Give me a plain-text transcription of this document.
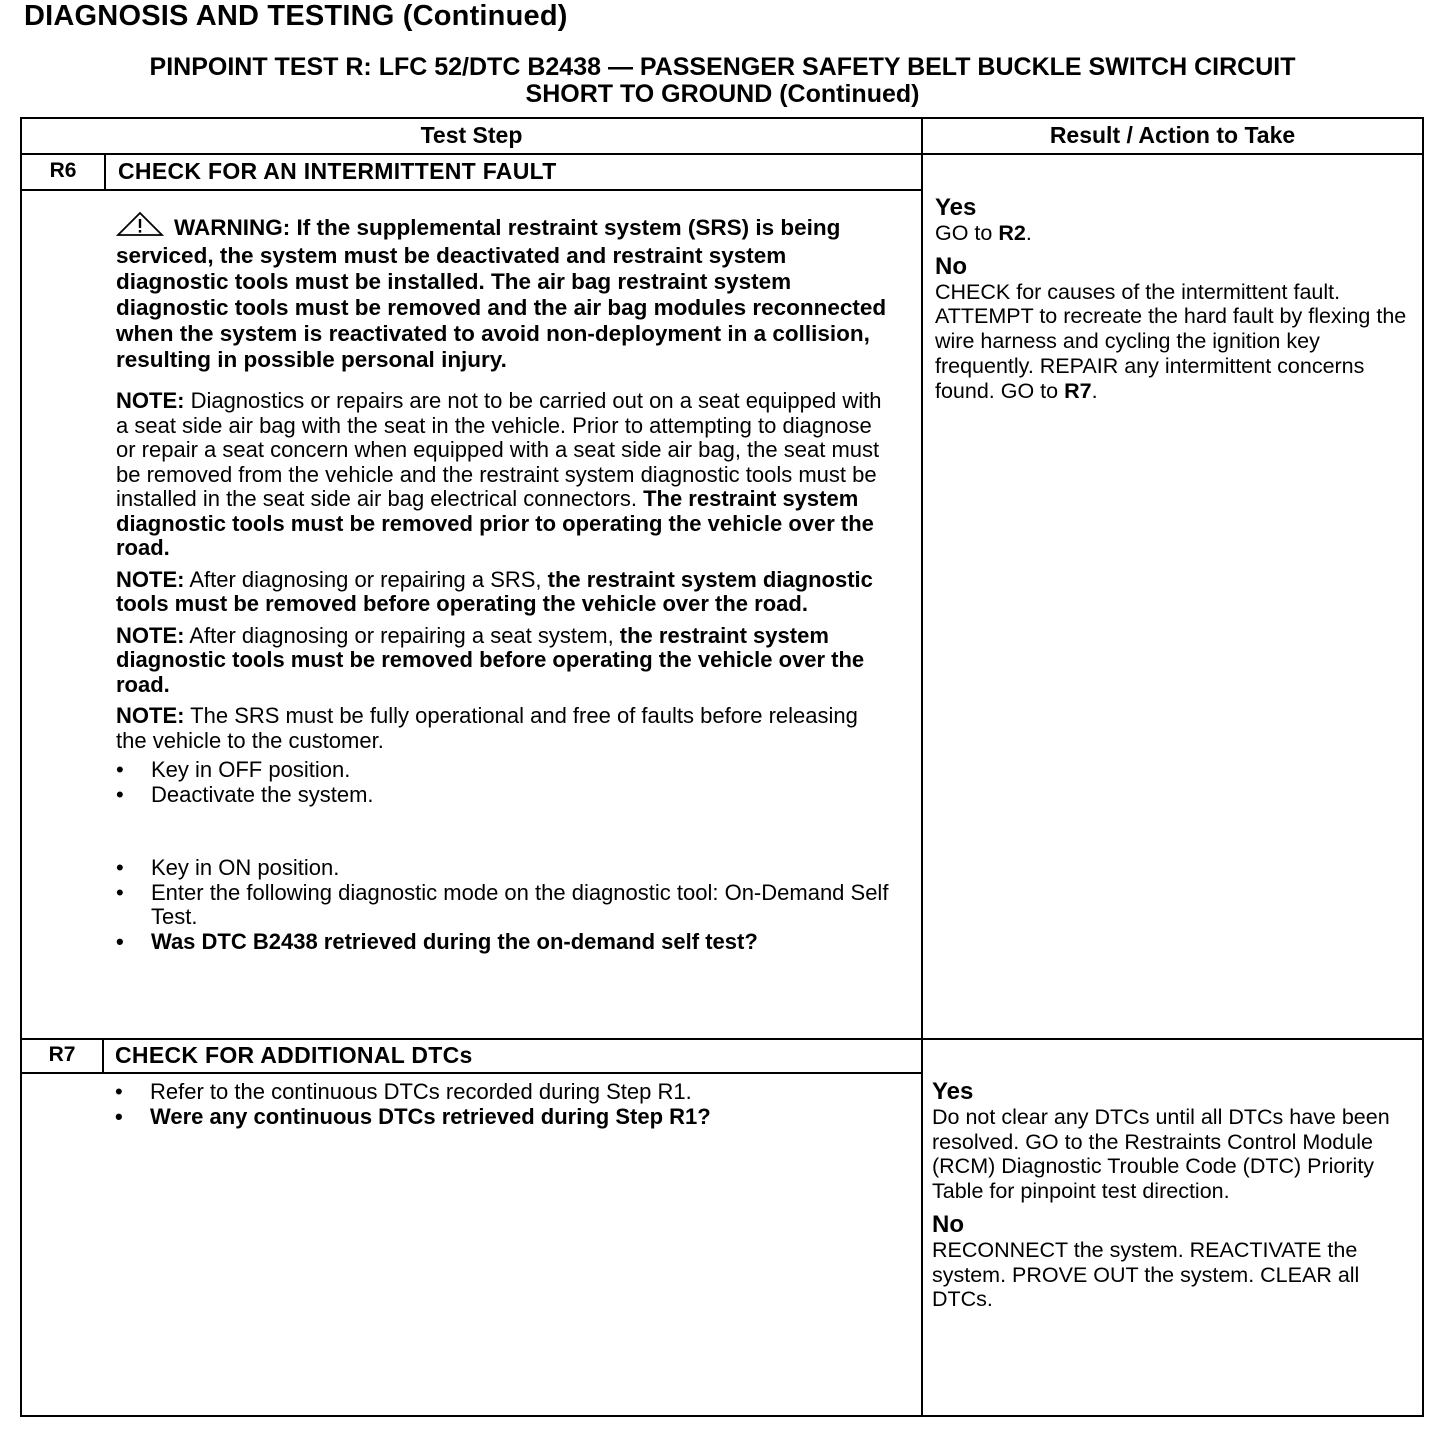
DIAGNOSIS AND TESTING (Continued)
PINPOINT TEST R: LFC 52/DTC B2438 — PASSENGER SAFETY BELT BUCKLE SWITCH CIRCUIT
SHORT TO GROUND (Continued)
Test Step	Result / Action to Take
R6	CHECK FOR AN INTERMITTENT FAULT

WARNING: If the supplemental restraint system (SRS) is being serviced, the system must be deactivated and restraint system diagnostic tools must be installed. The air bag restraint system diagnostic tools must be removed and the air bag modules reconnected when the system is reactivated to avoid non-deployment in a collision, resulting in possible personal injury.

NOTE: Diagnostics or repairs are not to be carried out on a seat equipped with a seat side air bag with the seat in the vehicle. Prior to attempting to diagnose or repair a seat concern when equipped with a seat side air bag, the seat must be removed from the vehicle and the restraint system diagnostic tools must be installed in the seat side air bag electrical connectors. The restraint system diagnostic tools must be removed prior to operating the vehicle over the road.

NOTE: After diagnosing or repairing a SRS, the restraint system diagnostic tools must be removed before operating the vehicle over the road.

NOTE: After diagnosing or repairing a seat system, the restraint system diagnostic tools must be removed before operating the vehicle over the road.

NOTE: The SRS must be fully operational and free of faults before releasing the vehicle to the customer.

• Key in OFF position.
• Deactivate the system.
• Key in ON position.
• Enter the following diagnostic mode on the diagnostic tool: On-Demand Self Test.
• Was DTC B2438 retrieved during the on-demand self test?
Yes
GO to R2.
No
CHECK for causes of the intermittent fault. ATTEMPT to recreate the hard fault by flexing the wire harness and cycling the ignition key frequently. REPAIR any intermittent concerns found. GO to R7.
R7	CHECK FOR ADDITIONAL DTCs
• Refer to the continuous DTCs recorded during Step R1.
• Were any continuous DTCs retrieved during Step R1?
Yes
Do not clear any DTCs until all DTCs have been resolved. GO to the Restraints Control Module (RCM) Diagnostic Trouble Code (DTC) Priority Table for pinpoint test direction.
No
RECONNECT the system. REACTIVATE the system. PROVE OUT the system. CLEAR all DTCs.
